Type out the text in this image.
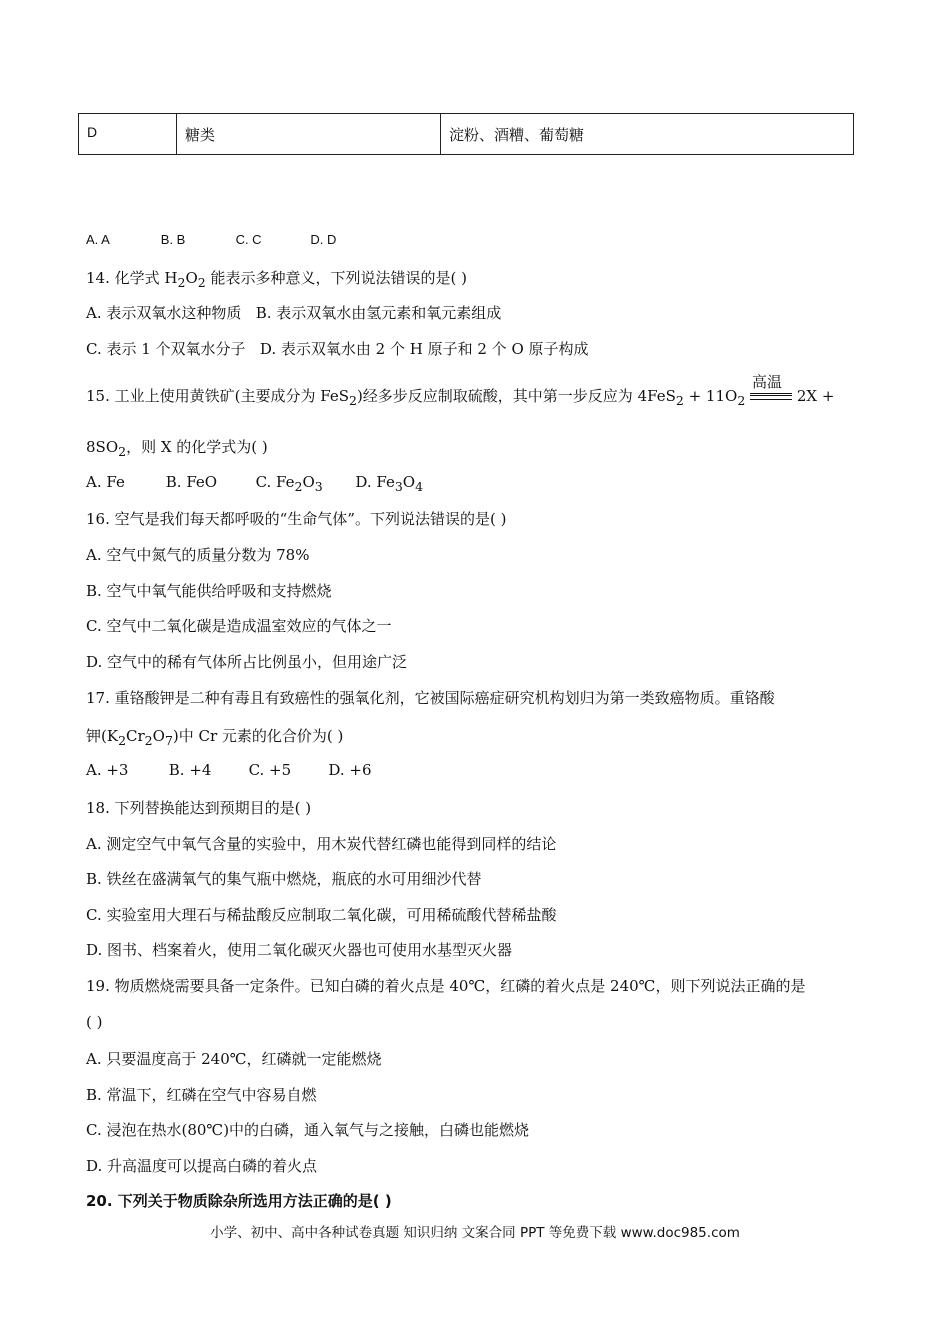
D	糖类	淀粉、酒糟、葡萄糖
A. A	B. B	C. C	D. D
14. 化学式 $H_2O_2$ 能表示多种意义，下列说法错误的是( )
A. 表示双氧水这种物质 B. 表示双氧水由氢元素和氧元素组成
C. 表示 1 个双氧水分子 D. 表示双氧水由 2 个 H 原子和 2 个 O 原子构成
15. 工业上使用黄铁矿(主要成分为 FeS$_2$)经多步反应制取硫酸，其中第一步反应为 $4FeS_2 + 11O_2$
高温
2X +
$8SO_2$，则 X 的化学式为( )
A. Fe	B. FeO	C. $Fe_2O_3$ D. $Fe_3O_4$
16. 空气是我们每天都呼吸的“生命气体”。下列说法错误的是( )
A. 空气中氮气的质量分数为 78%
B. 空气中氧气能供给呼吸和支持燃烧
C. 空气中二氧化碳是造成温室效应的气体之一
D. 空气中的稀有气体所占比例虽小，但用途广泛
17. 重铬酸钾是二种有毒且有致癌性的强氧化剂，它被国际癌症研究机构划归为第一类致癌物质。重铬酸
钾$(K_2Cr_2O_7)$中 Cr 元素的化合价为( )
A. +3	B. +4 C. +5 D. +6
18. 下列替换能达到预期目的是( )
A. 测定空气中氧气含量的实验中，用木炭代替红磷也能得到同样的结论
B. 铁丝在盛满氧气的集气瓶中燃烧，瓶底的水可用细沙代替
C. 实验室用大理石与稀盐酸反应制取二氧化碳，可用稀硫酸代替稀盐酸
D. 图书、档案着火，使用二氧化碳灭火器也可使用水基型灭火器
19. 物质燃烧需要具备一定条件。已知白磷的着火点是 40℃，红磷的着火点是 240℃，则下列说法正确的是
( )
A. 只要温度高于 240℃，红磷就一定能燃烧
B. 常温下，红磷在空气中容易自燃
C. 浸泡在热水(80℃)中的白磷，通入氧气与之接触，白磷也能燃烧
D. 升高温度可以提高白磷的着火点
20. 下列关于物质除杂所选用方法正确的是( )
小学、初中、高中各种试卷真题 知识归纳 文案合同 PPT 等免费下载 www.doc985.com
